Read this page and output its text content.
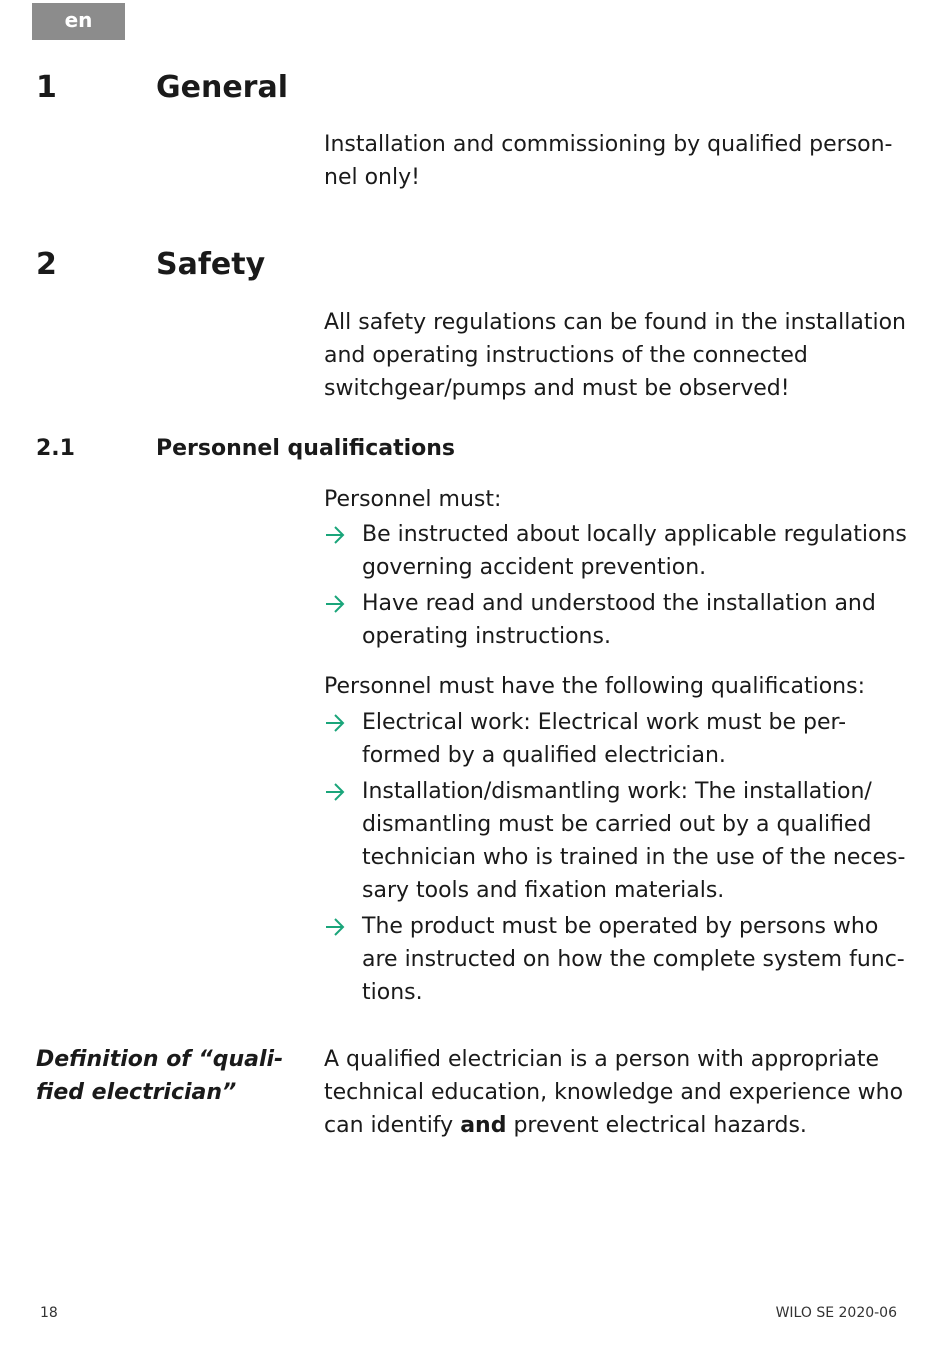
en
1	General

Installation and commissioning by qualified person-
nel only!

2	Safety

All safety regulations can be found in the installation
and operating instructions of the connected
switchgear/pumps and must be observed!

2.1	Personnel qualifications

Personnel must:

Be instructed about locally applicable regulations
governing accident prevention.
Have read and understood the installation and
operating instructions.

Personnel must have the following qualifications:

Electrical work: Electrical work must be per-
formed by a qualified electrician.
Installation/dismantling work: The installation/
dismantling must be carried out by a qualified
technician who is trained in the use of the neces-
sary tools and fixation materials.
The product must be operated by persons who
are instructed on how the complete system func-
tions.

Definition of “quali-
fied electrician”

A qualified electrician is a person with appropriate
technical education, knowledge and experience who
can identify and prevent electrical hazards.

18	WILO SE 2020-06
